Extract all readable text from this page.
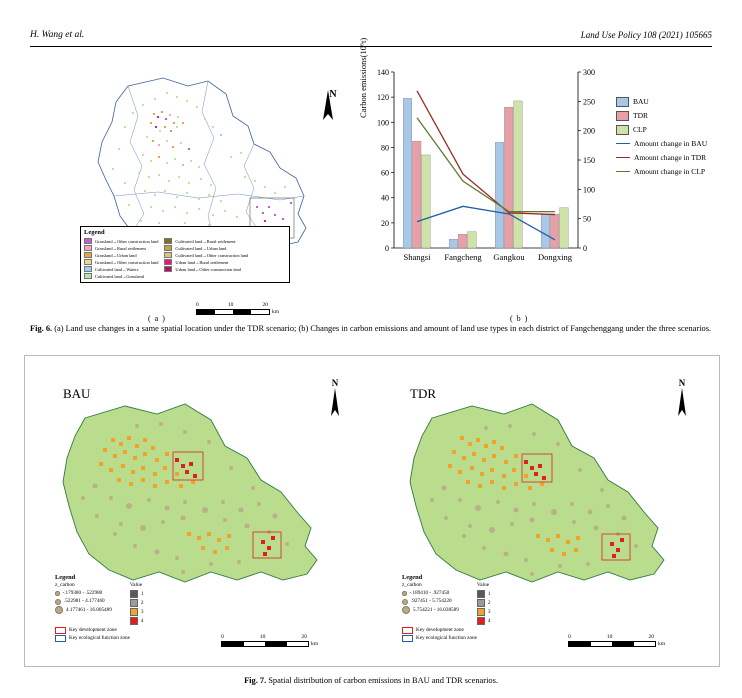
H. Wang et al.	Land Use Policy 108 (2021) 105665
N
Legend
Grassland→Other construction land
Grassland→Rural settlement
Grassland→Urban land
Grassland→Other construction land
Cultivated land→Waters
Cultivated land→Grassland
Cultivated land→Rural settlement
Cultivated land→Urban land
Cultivated land→Other construction land
Urban land→Rural settlement
Urban land→Other construction land
0	10	20
km
( a )
Carbon emissions(10⁶t)
0
20
40
60
80
100
120
140
0
50
100
150
200
250
300
Shangsi Fangcheng Gangkou Dongxing
BAU
TDR
CLP
Amount change in BAU
Amount change in TDR
Amount change in CLP
( b )
Fig. 6. (a) Land use changes in a same spatial location under the TDR scenario; (b) Changes in carbon emissions and amount of land use types in each district of Fangchenggang under the three scenarios.
BAU
N
Legend
z_carbon
-.179380 - .522980
.522981 - 4.177460
4.177461 - 16.005489
Value
1
2
3
4
Key development zone
Key ecological function zone	0	10	20
km
TDR
N
Legend
z_carbon
-.189410 - .927450
.927451 - 5.754220
5.754221 - 16.038589
Value
1
2
3
4
Key development zone
Key ecological function zone	0	10	20
km
Fig. 7. Spatial distribution of carbon emissions in BAU and TDR scenarios.
